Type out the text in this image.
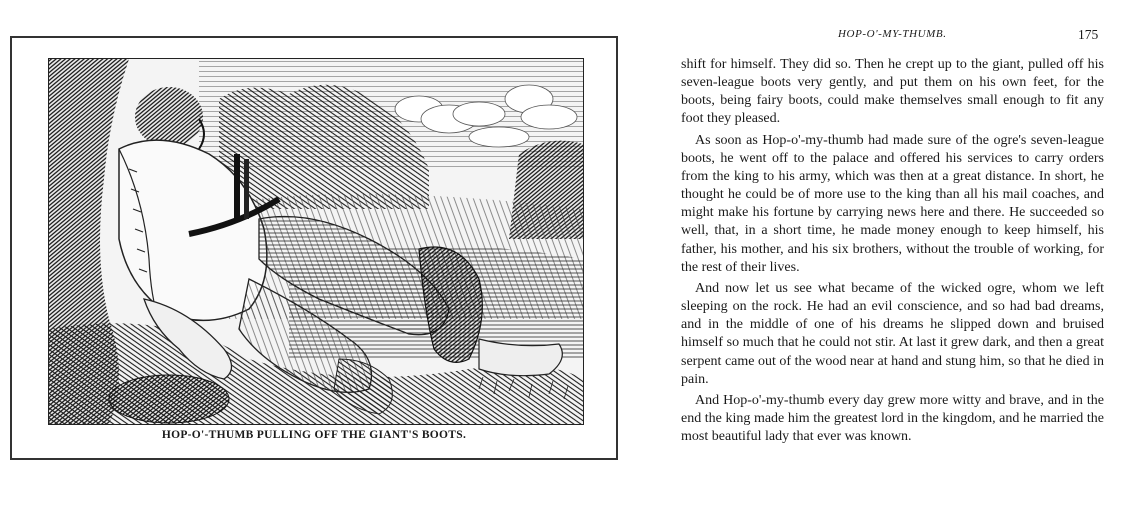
HOP-O'-THUMB PULLING OFF THE GIANT'S BOOTS.
HOP-O'-MY-THUMB.	175

shift for himself. They did so. Then he crept up to the giant, pulled off his seven-league boots very gently, and put them on his own feet, for the boots, being fairy boots, could make themselves small enough to fit any foot they pleased.

As soon as Hop-o'-my-thumb had made sure of the ogre's seven-league boots, he went off to the palace and offered his services to carry orders from the king to his army, which was then at a great distance. In short, he thought he could be of more use to the king than all his mail coaches, and might make his fortune by carrying news here and there. He succeeded so well, that, in a short time, he made money enough to keep himself, his father, his mother, and his six brothers, without the trouble of working, for the rest of their lives.

And now let us see what became of the wicked ogre, whom we left sleeping on the rock. He had an evil conscience, and so had bad dreams, and in the middle of one of his dreams he slipped down and bruised himself so much that he could not stir. At last it grew dark, and then a great serpent came out of the wood near at hand and stung him, so that he died in pain.

And Hop-o'-my-thumb every day grew more witty and brave, and in the end the king made him the greatest lord in the kingdom, and he married the most beautiful lady that ever was known.
